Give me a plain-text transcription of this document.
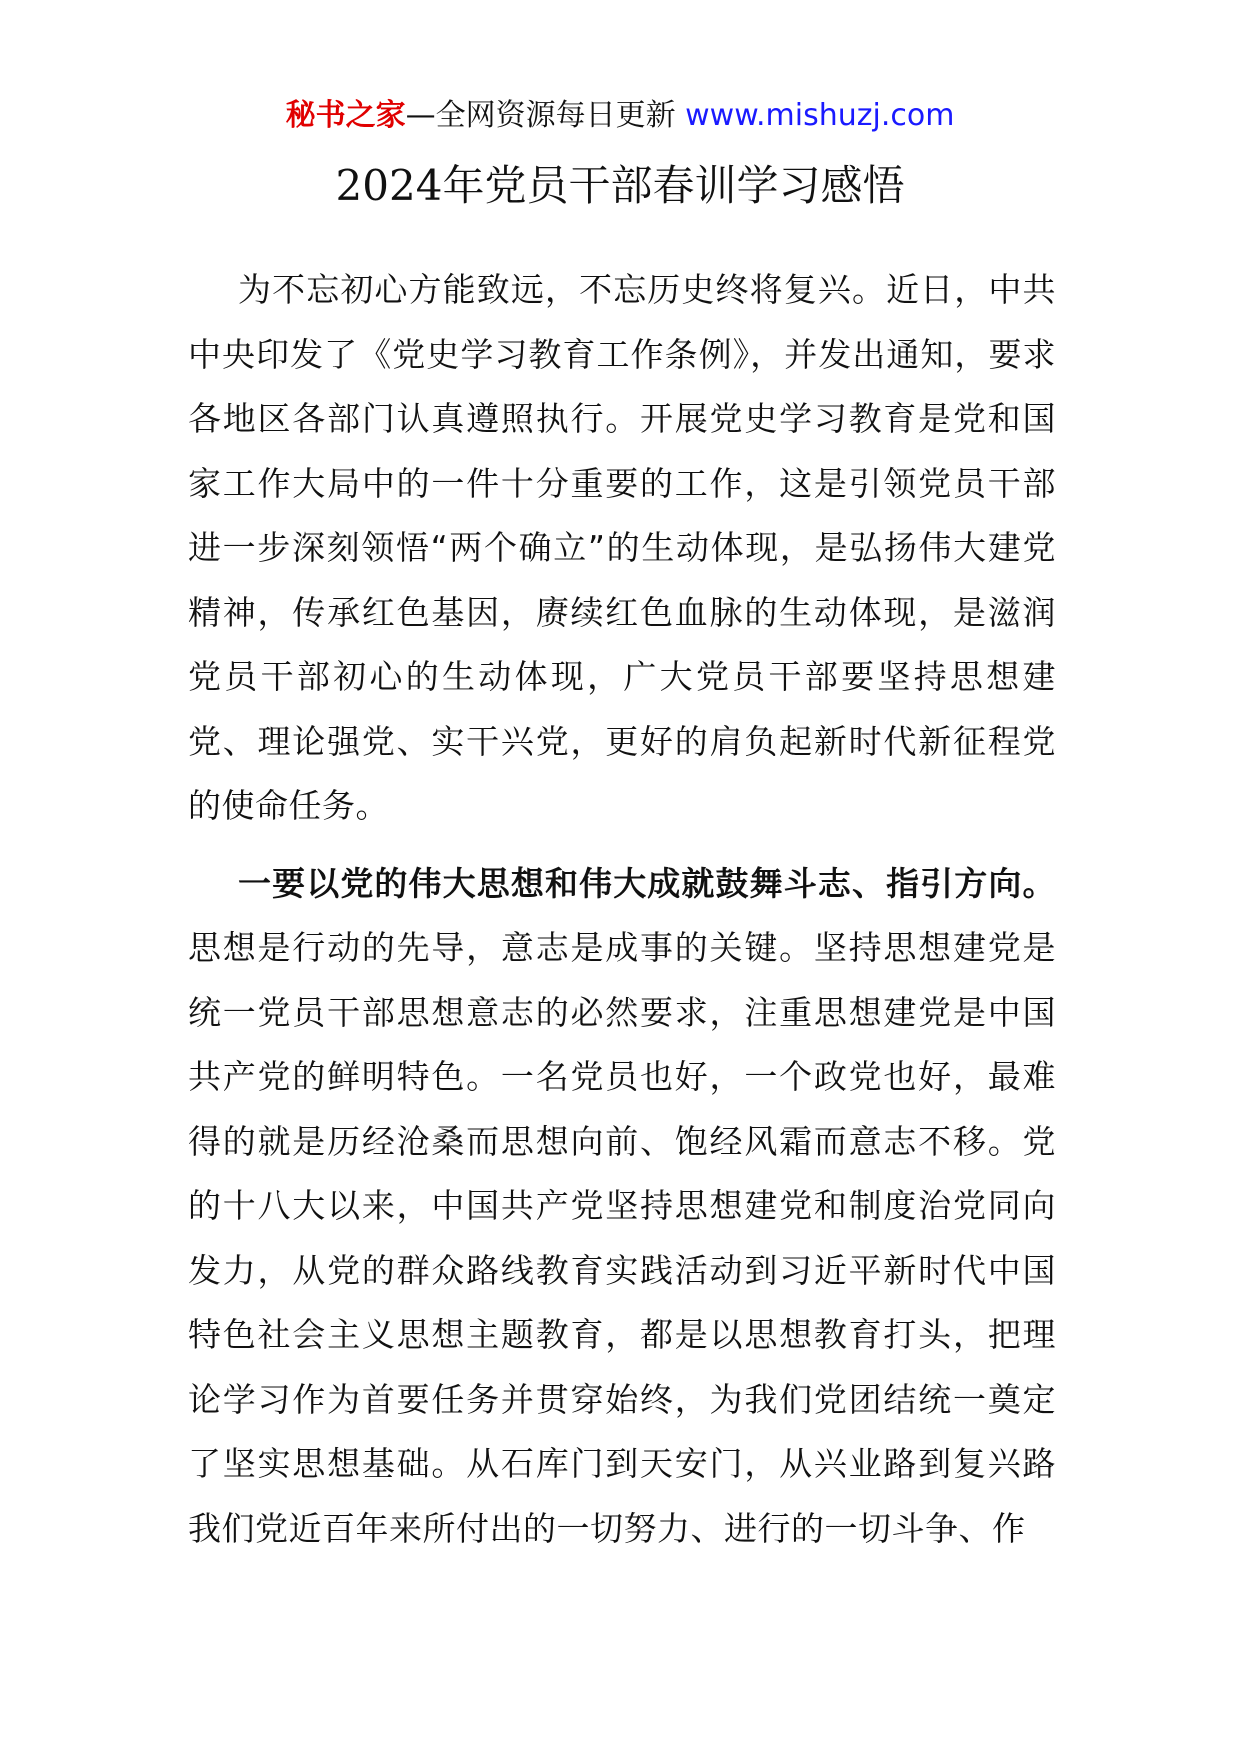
秘书之家—全网资源每日更新 www.mishuzj.com
2024年党员干部春训学习感悟

为不忘初心方能致远，不忘历史终将复兴。近日，中共中央印发了《党史学习教育工作条例》，并发出通知，要求各地区各部门认真遵照执行。开展党史学习教育是党和国家工作大局中的一件十分重要的工作，这是引领党员干部进一步深刻领悟“两个确立”的生动体现，是弘扬伟大建党精神，传承红色基因，赓续红色血脉的生动体现，是滋润党员干部初心的生动体现，广大党员干部要坚持思想建党、理论强党、实干兴党，更好的肩负起新时代新征程党的使命任务。

一要以党的伟大思想和伟大成就鼓舞斗志、指引方向。思想是行动的先导，意志是成事的关键。坚持思想建党是统一党员干部思想意志的必然要求，注重思想建党是中国共产党的鲜明特色。一名党员也好，一个政党也好，最难得的就是历经沧桑而思想向前、饱经风霜而意志不移。党的十八大以来，中国共产党坚持思想建党和制度治党同向发力，从党的群众路线教育实践活动到习近平新时代中国特色社会主义思想主题教育，都是以思想教育打头，把理论学习作为首要任务并贯穿始终，为我们党团结统一奠定了坚实思想基础。从石库门到天安门，从兴业路到复兴路我们党近百年来所付出的一切努力、进行的一切斗争、作
